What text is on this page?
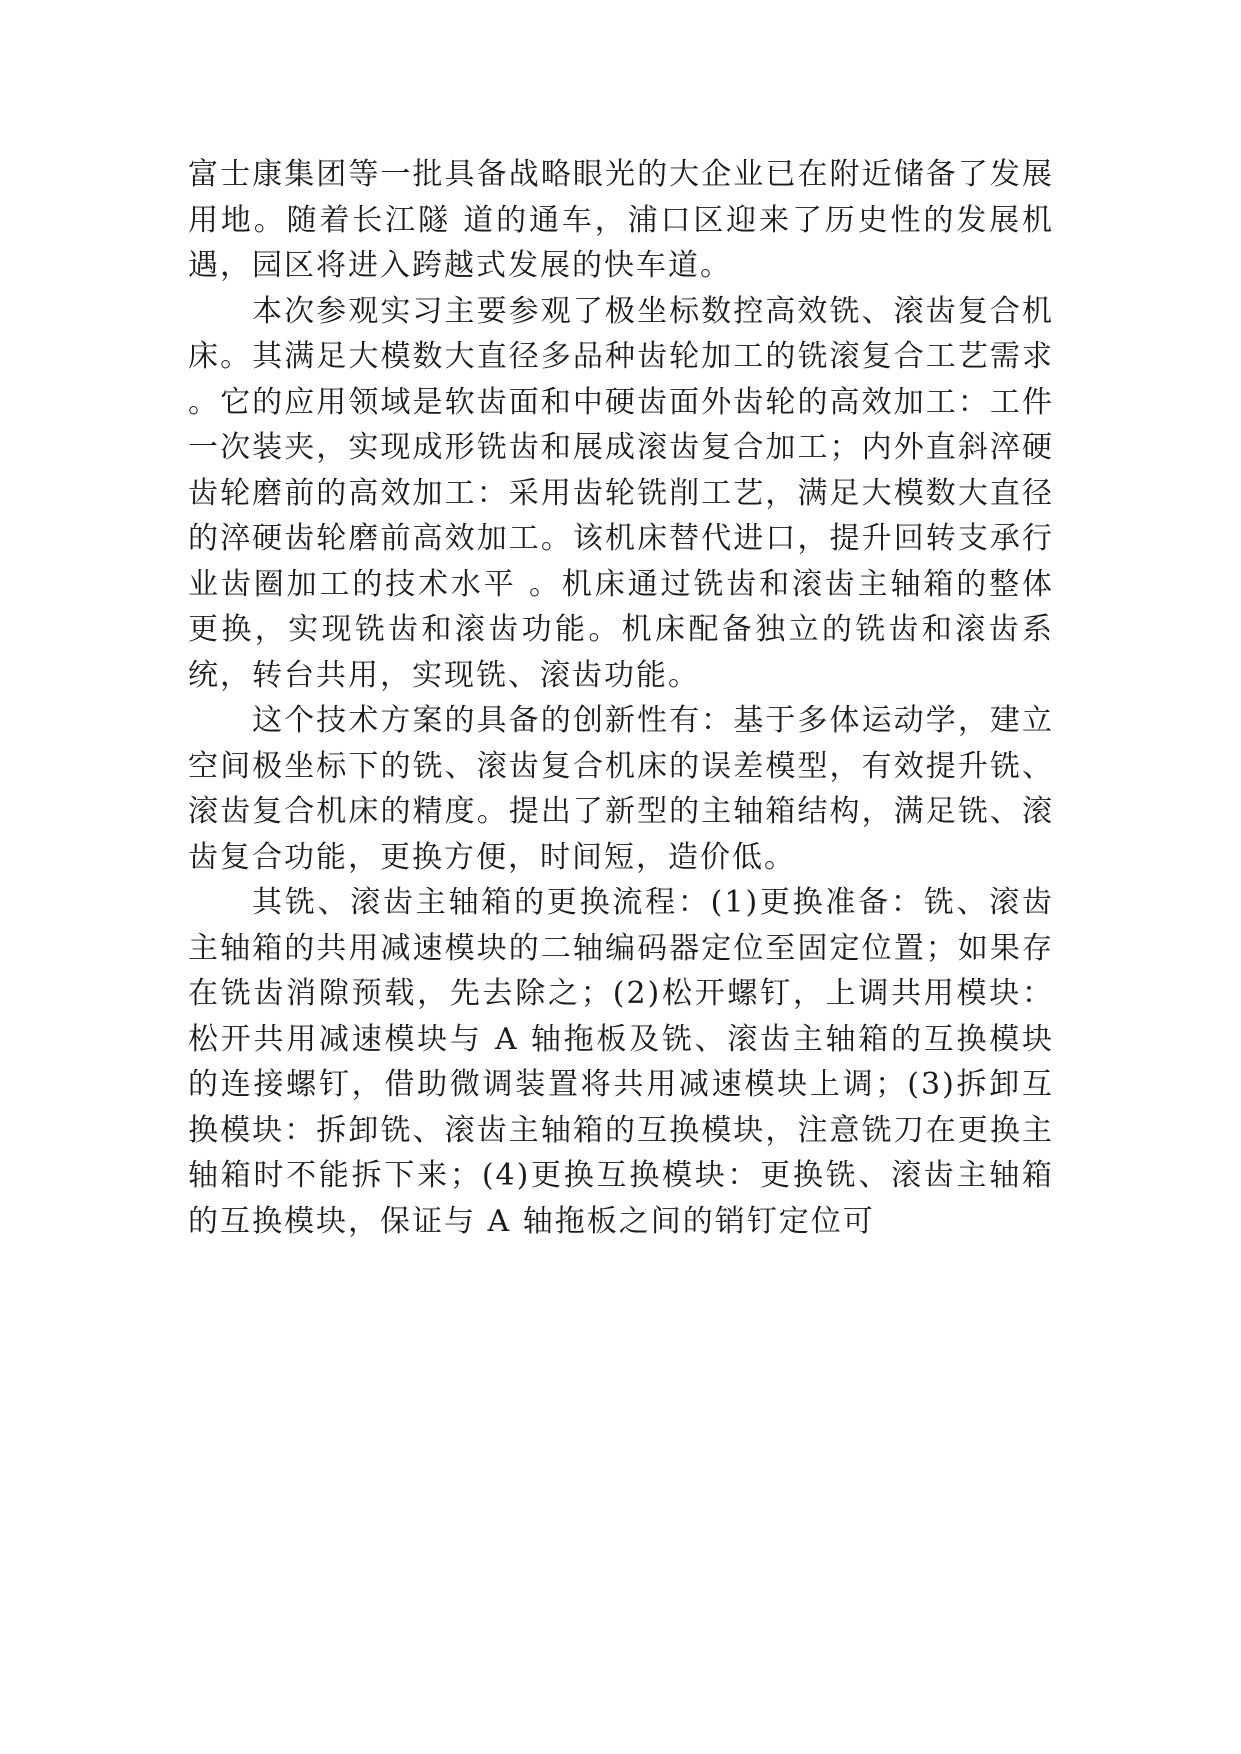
富士康集团等一批具备战略眼光的大企业已在附近储备了发展用地。随着长江隧 道的通车，浦口区迎来了历史性的发展机遇，园区将进入跨越式发展的快车道。

本次参观实习主要参观了极坐标数控高效铣、滚齿复合机床。其满足大模数大直径多品种齿轮加工的铣滚复合工艺需求 。它的应用领域是软齿面和中硬齿面外齿轮的高效加工：工件一次装夹，实现成形铣齿和展成滚齿复合加工；内外直斜淬硬齿轮磨前的高效加工：采用齿轮铣削工艺，满足大模数大直径的淬硬齿轮磨前高效加工。该机床替代进口，提升回转支承行业齿圈加工的技术水平 。机床通过铣齿和滚齿主轴箱的整体更换，实现铣齿和滚齿功能。机床配备独立的铣齿和滚齿系统，转台共用，实现铣、滚齿功能。

这个技术方案的具备的创新性有：基于多体运动学，建立空间极坐标下的铣、滚齿复合机床的误差模型，有效提升铣、滚齿复合机床的精度。提出了新型的主轴箱结构，满足铣、滚齿复合功能，更换方便，时间短，造价低。

其铣、滚齿主轴箱的更换流程：(1)更换准备：铣、滚齿主轴箱的共用减速模块的二轴编码器定位至固定位置；如果存在铣齿消隙预载，先去除之；(2)松开螺钉，上调共用模块：松开共用减速模块与 A 轴拖板及铣、滚齿主轴箱的互换模块的连接螺钉，借助微调装置将共用减速模块上调；(3)拆卸互换模块：拆卸铣、滚齿主轴箱的互换模块，注意铣刀在更换主轴箱时不能拆下来；(4)更换互换模块：更换铣、滚齿主轴箱的互换模块，保证与 A 轴拖板之间的销钉定位可
